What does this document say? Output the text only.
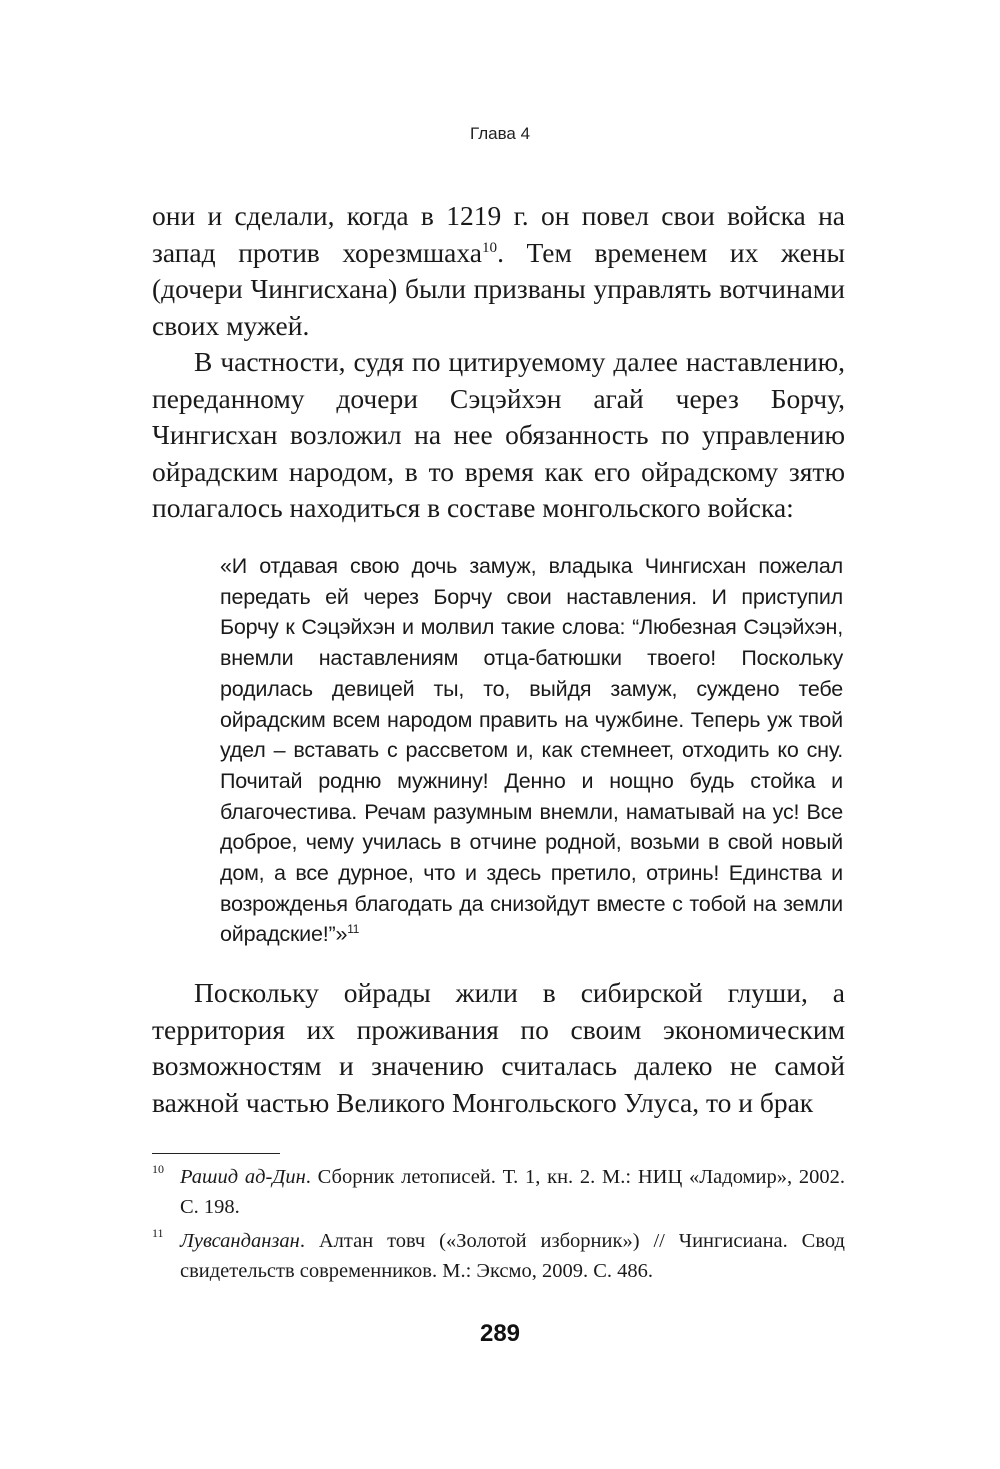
Глава 4

они и сделали, когда в 1219 г. он повел свои войска на запад против хорезмшаха$^{10}$. Тем временем их жены (дочери Чингисхана) были призваны управлять вотчинами своих мужей.

В частности, судя по цитируемому далее наставлению, переданному дочери Сэцэйхэн агай через Борчу, Чингисхан возложил на нее обязанность по управлению ойрадским народом, в то время как его ойрадскому зятю полагалось находиться в составе монгольского войска:

«И отдавая свою дочь замуж, владыка Чингисхан пожелал передать ей через Борчу свои наставления. И приступил Борчу к Сэцэйхэн и молвил такие слова: “Любезная Сэцэйхэн, внемли наставлениям отца-батюшки твоего! Поскольку родилась девицей ты, то, выйдя замуж, суждено тебе ойрадским всем народом править на чужбине. Теперь уж твой удел – вставать с рассветом и, как стемнеет, отходить ко сну. Почитай родню мужнину! Денно и нощно будь стойка и благочестива. Речам разумным внемли, наматывай на ус! Все доброе, чему училась в отчине родной, возьми в свой новый дом, а все дурное, что и здесь претило, отринь! Единства и возрожденья благодать да снизойдут вместе с тобой на земли ойрадские!”»$^{11}$

Поскольку ойрады жили в сибирской глуши, а территория их проживания по своим экономическим возможностям и значению считалась далеко не самой важной частью Великого Монгольского Улуса, то и брак

10 Рашид ад-Дин. Сборник летописей. Т. 1, кн. 2. М.: НИЦ «Ладомир», 2002. С. 198.
11 Лувсанданзан. Алтан товч («Золотой изборник») // Чингисиана. Свод свидетельств современников. М.: Эксмо, 2009. С. 486.
289
